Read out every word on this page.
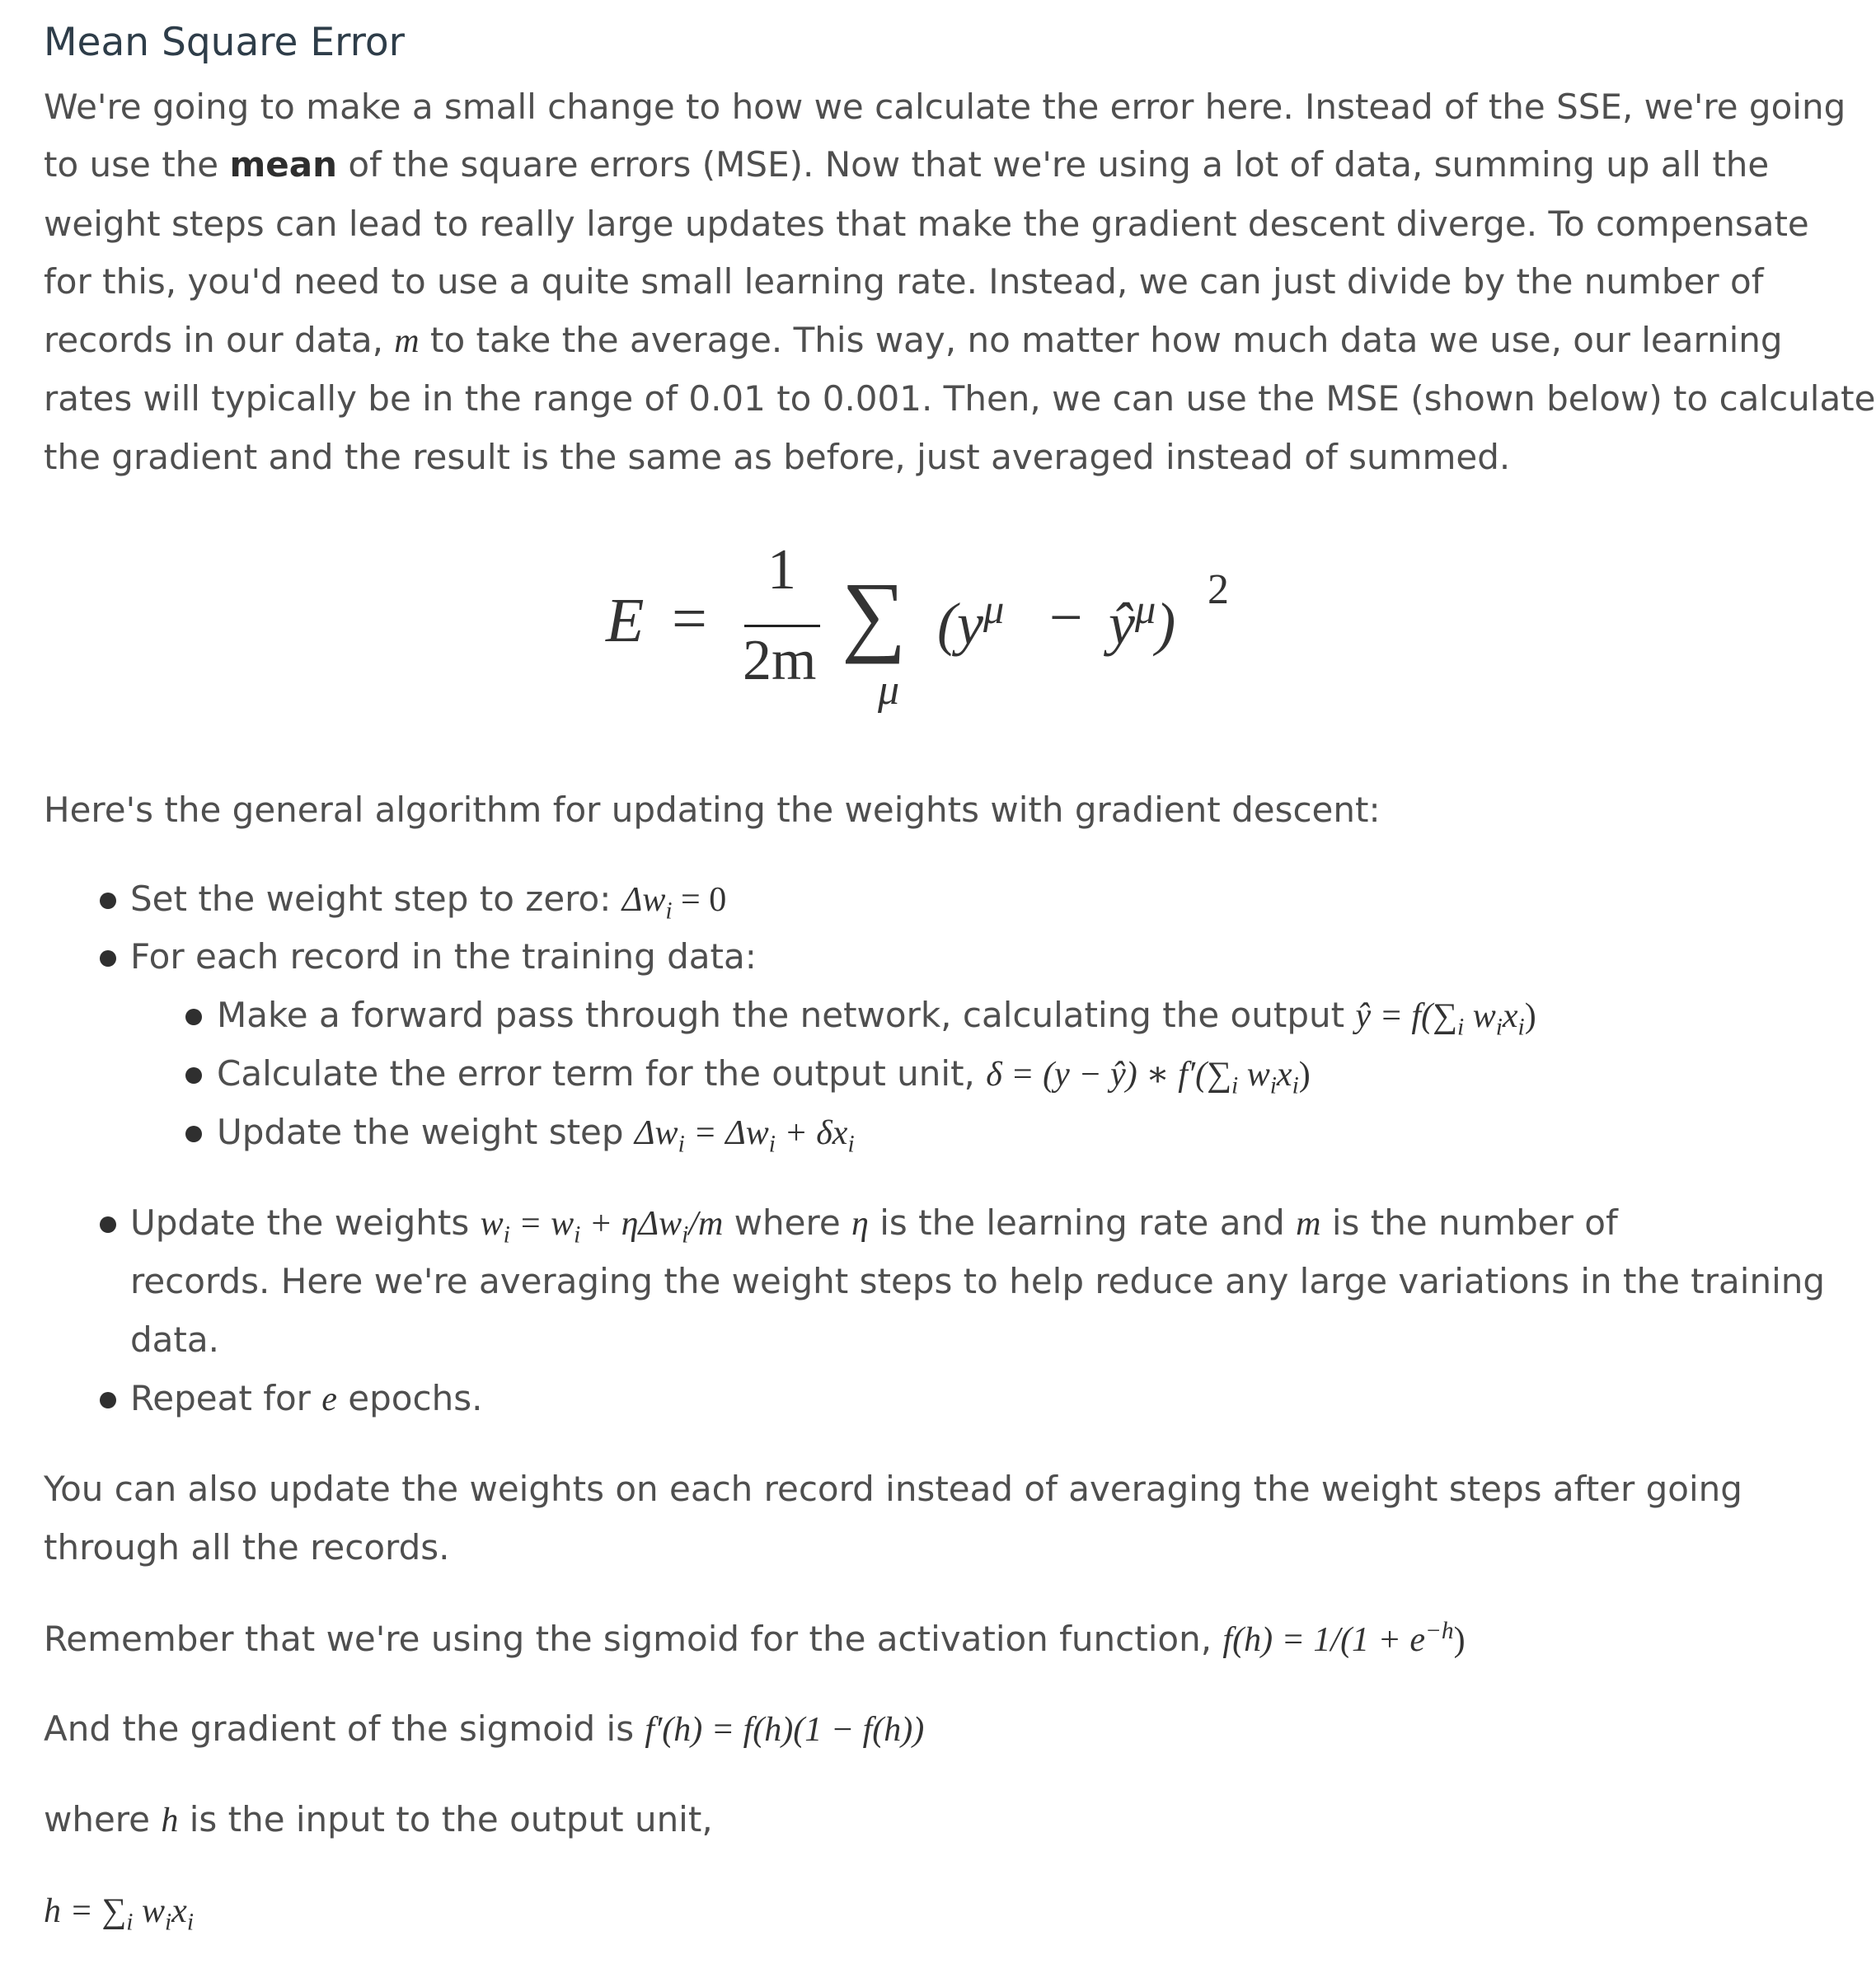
Mean Square Error
We're going to make a small change to how we calculate the error here. Instead of the SSE, we're going
to use the mean of the square errors (MSE). Now that we're using a lot of data, summing up all the
weight steps can lead to really large updates that make the gradient descent diverge. To compensate
for this, you'd need to use a quite small learning rate. Instead, we can just divide by the number of
records in our data, m to take the average. This way, no matter how much data we use, our learning
rates will typically be in the range of 0.01 to 0.001. Then, we can use the MSE (shown below) to calculate
the gradient and the result is the same as before, just averaged instead of summed.
E =
1
2m ∑
μ
($y^\mu$ − $ŷ^\mu$)
2
Here's the general algorithm for updating the weights with gradient descent:
Set the weight step to zero: $\Delta w_i = 0$
For each record in the training data:
Make a forward pass through the network, calculating the output ŷ = $f(\sum_i$ $w_ix_i$)
Calculate the error term for the output unit, δ = (y − ŷ) ∗ $f'(\sum_i$ $w_ix_i$)
Update the weight step $\Delta w_i = \Delta w_i + \delta x_i$
Update the weights $w_i = w_i + \eta\Delta w_i/m$ where η is the learning rate and m is the number of
records. Here we're averaging the weight steps to help reduce any large variations in the training
data.
Repeat for e epochs.
You can also update the weights on each record instead of averaging the weight steps after going
through all the records.
Remember that we're using the sigmoid for the activation function, $f(h) = 1/(1 + e^{-h})$
And the gradient of the sigmoid is f′(h) = f(h)(1 − f(h))
where h is the input to the output unit,
$h = \sum_i$ $w_ix_i$
